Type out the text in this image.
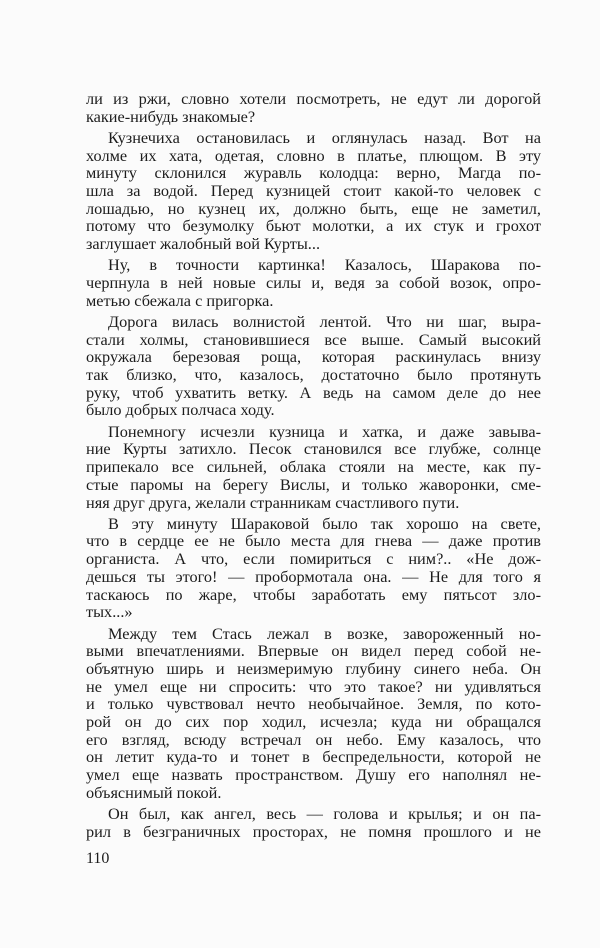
ли из ржи, словно хотели посмотреть, не едут ли дорогой
какие-нибудь знакомые?
Кузнечиха остановилась и оглянулась назад. Вот на
холме их хата, одетая, словно в платье, плющом. В эту
минуту склонился журавль колодца: верно, Магда по-
шла за водой. Перед кузницей стоит какой-то человек с
лошадью, но кузнец их, должно быть, еще не заметил,
потому что безумолку бьют молотки, а их стук и грохот
заглушает жалобный вой Курты...
Ну, в точности картинка! Казалось, Шаракова по-
черпнула в ней новые силы и, ведя за собой возок, опро-
метью сбежала с пригорка.
Дорога вилась волнистой лентой. Что ни шаг, выра-
стали холмы, становившиеся все выше. Самый высокий
окружала березовая роща, которая раскинулась внизу
так близко, что, казалось, достаточно было протянуть
руку, чтоб ухватить ветку. А ведь на самом деле до нее
было добрых полчаса ходу.
Понемногу исчезли кузница и хатка, и даже завыва-
ние Курты затихло. Песок становился все глубже, солнце
припекало все сильней, облака стояли на месте, как пу-
стые паромы на берегу Вислы, и только жаворонки, сме-
няя друг друга, желали странникам счастливого пути.
В эту минуту Шараковой было так хорошо на свете,
что в сердце ее не было места для гнева — даже против
органиста. А что, если помириться с ним?.. «Не дож-
дешься ты этого! — пробормотала она. — Не для того я
таскаюсь по жаре, чтобы заработать ему пятьсот зло-
тых...»
Между тем Стась лежал в возке, завороженный но-
выми впечатлениями. Впервые он видел перед собой не-
объятную ширь и неизмеримую глубину синего неба. Он
не умел еще ни спросить: что это такое? ни удивляться
и только чувствовал нечто необычайное. Земля, по кото-
рой он до сих пор ходил, исчезла; куда ни обращался
его взгляд, всюду встречал он небо. Ему казалось, что
он летит куда-то и тонет в беспредельности, которой не
умел еще назвать пространством. Душу его наполнял не-
объяснимый покой.
Он был, как ангел, весь — голова и крылья; и он па-
рил в безграничных просторах, не помня прошлого и не
110
